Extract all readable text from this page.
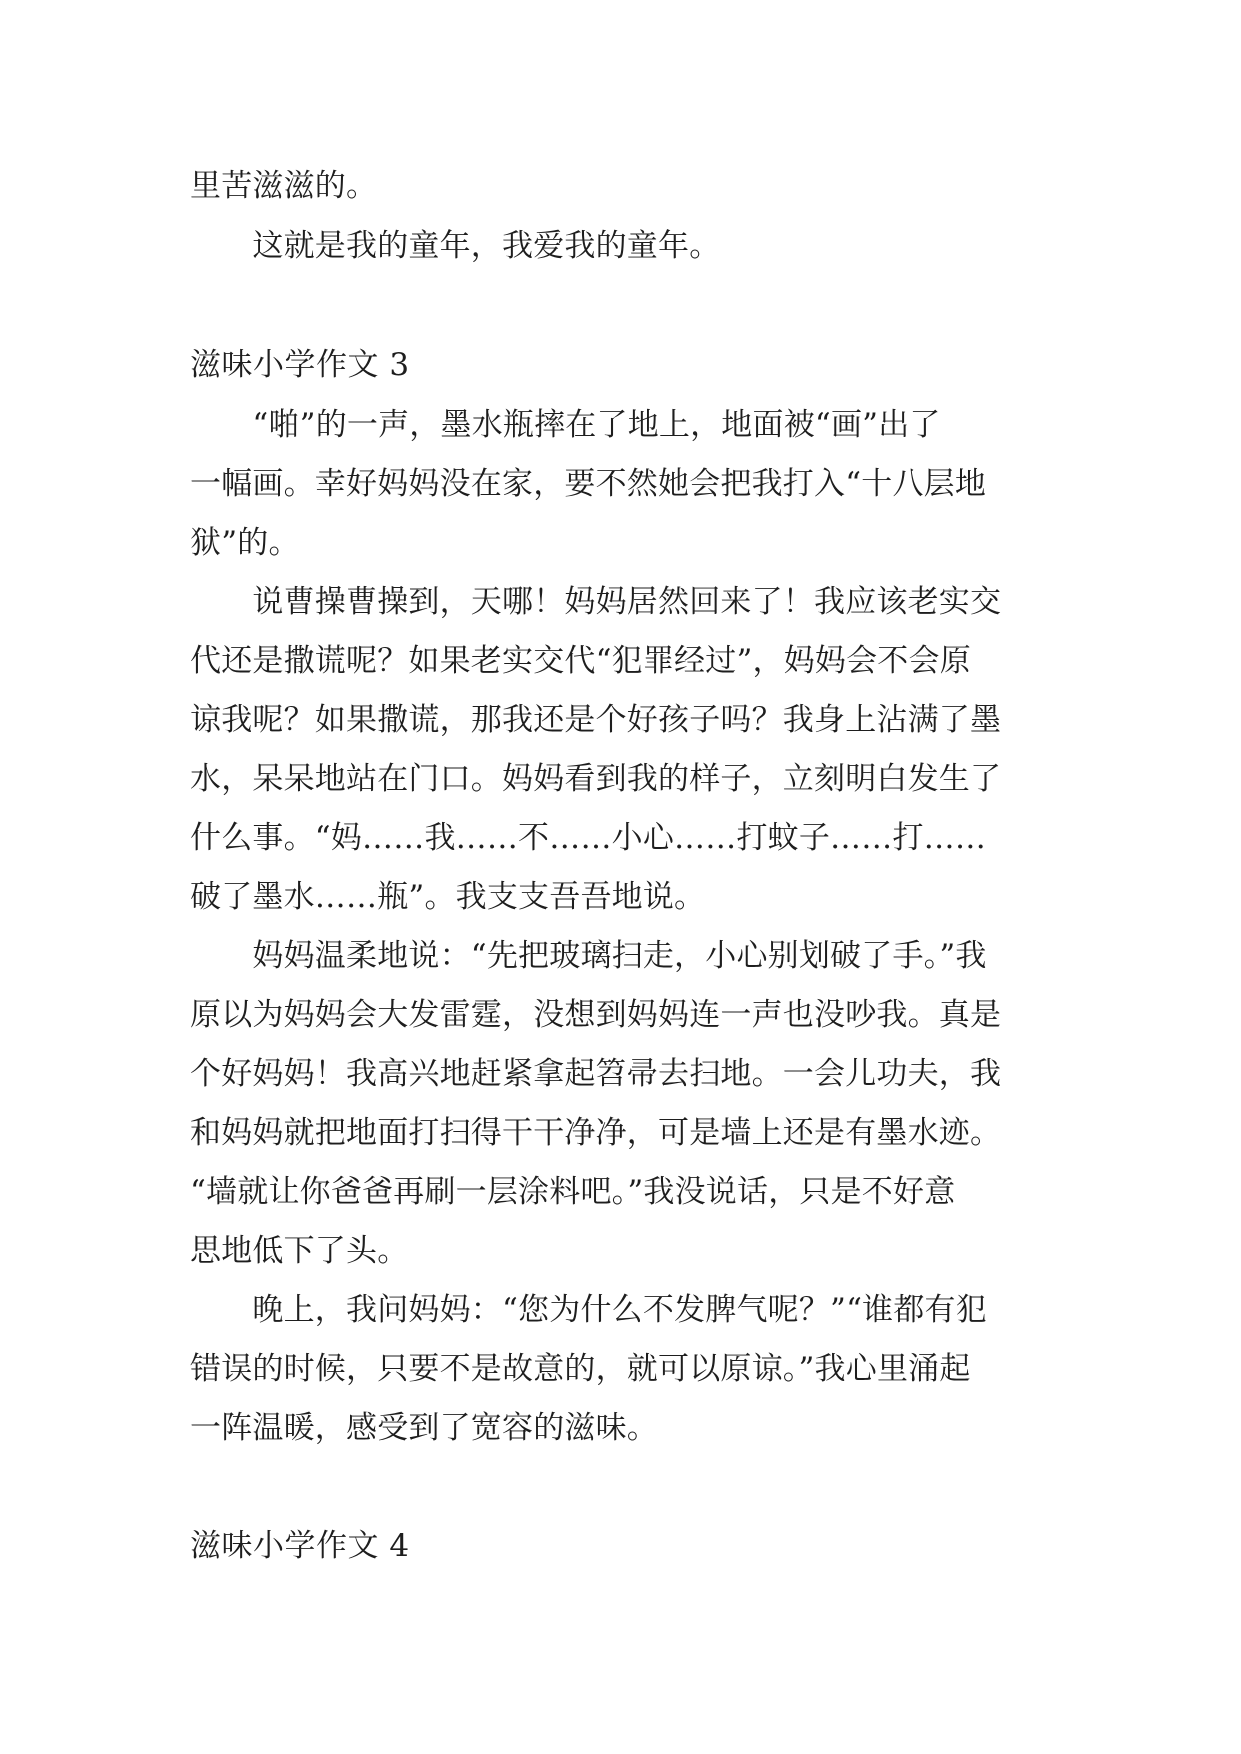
里苦滋滋的。
　　这就是我的童年，我爱我的童年。
滋味小学作文 3
　　“啪”的一声，墨水瓶摔在了地上，地面被“画”出了
一幅画。幸好妈妈没在家，要不然她会把我打入“十八层地
狱”的。
　　说曹操曹操到，天哪！妈妈居然回来了！我应该老实交
代还是撒谎呢？如果老实交代“犯罪经过”，妈妈会不会原
谅我呢？如果撒谎，那我还是个好孩子吗？我身上沾满了墨
水，呆呆地站在门口。妈妈看到我的样子，立刻明白发生了
什么事。“妈……我……不……小心……打蚊子……打……
破了墨水……瓶”。我支支吾吾地说。
　　妈妈温柔地说：“先把玻璃扫走，小心别划破了手。”我
原以为妈妈会大发雷霆，没想到妈妈连一声也没吵我。真是
个好妈妈！我高兴地赶紧拿起笤帚去扫地。一会儿功夫，我
和妈妈就把地面打扫得干干净净，可是墙上还是有墨水迹。
“墙就让你爸爸再刷一层涂料吧。”我没说话，只是不好意
思地低下了头。
　　晚上，我问妈妈：“您为什么不发脾气呢？”“谁都有犯
错误的时候，只要不是故意的，就可以原谅。”我心里涌起
一阵温暖，感受到了宽容的滋味。
滋味小学作文 4
